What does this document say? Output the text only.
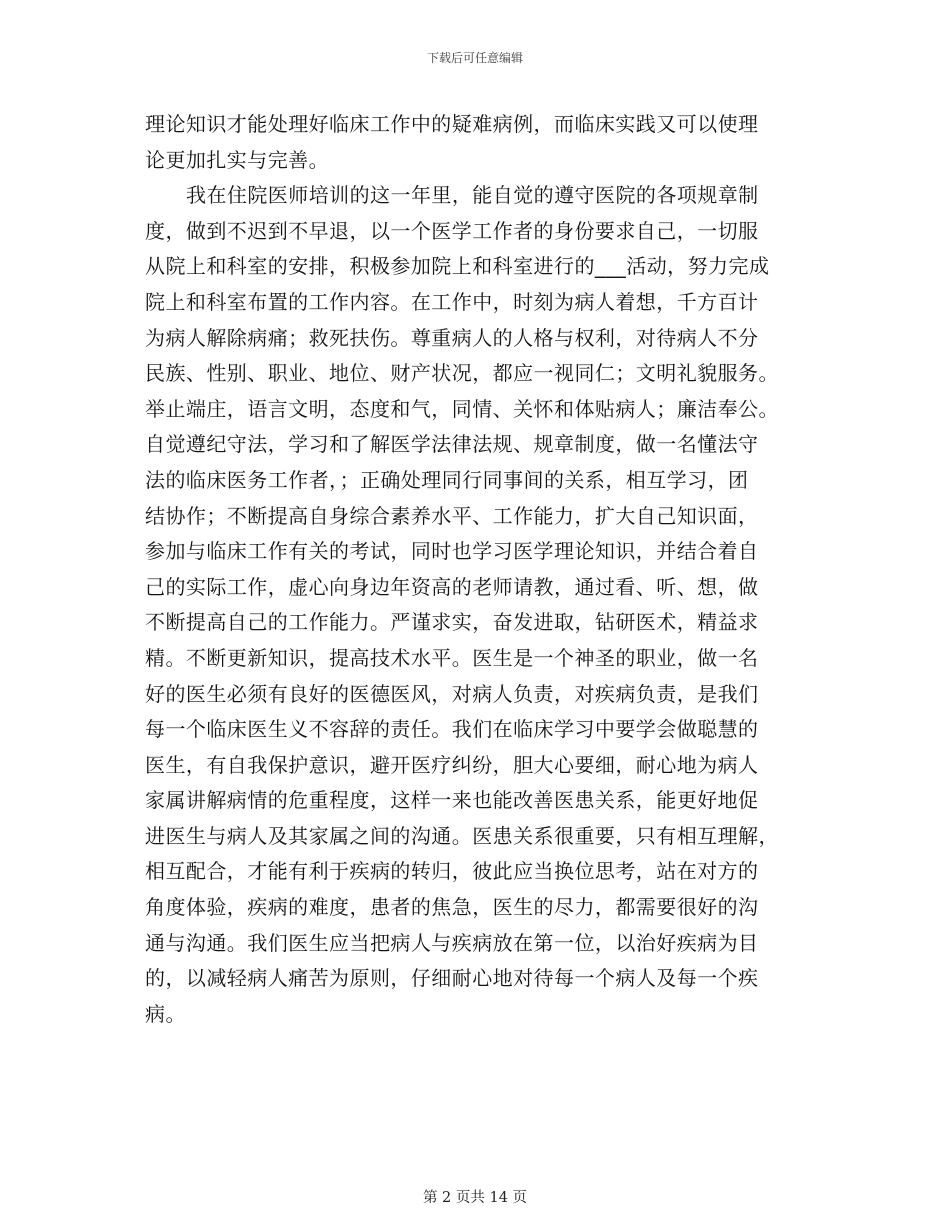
下载后可任意编辑
理论知识才能处理好临床工作中的疑难病例，而临床实践又可以使理
论更加扎实与完善。
我在住院医师培训的这一年里，能自觉的遵守医院的各项规章制
度，做到不迟到不早退，以一个医学工作者的身份要求自己，一切服
从院上和科室的安排，积极参加院上和科室进行的___活动，努力完成
院上和科室布置的工作内容。在工作中，时刻为病人着想，千方百计
为病人解除病痛；救死扶伤。尊重病人的人格与权利，对待病人不分
民族、性别、职业、地位、财产状况，都应一视同仁；文明礼貌服务。
举止端庄，语言文明，态度和气，同情、关怀和体贴病人；廉洁奉公。
自觉遵纪守法，学习和了解医学法律法规、规章制度，做一名懂法守
法的临床医务工作者，；正确处理同行同事间的关系，相互学习，团
结协作；不断提高自身综合素养水平、工作能力，扩大自己知识面，
参加与临床工作有关的考试，同时也学习医学理论知识，并结合着自
己的实际工作，虚心向身边年资高的老师请教，通过看、听、想，做
不断提高自己的工作能力。严谨求实，奋发进取，钻研医术，精益求
精。不断更新知识，提高技术水平。医生是一个神圣的职业，做一名
好的医生必须有良好的医德医风，对病人负责，对疾病负责，是我们
每一个临床医生义不容辞的责任。我们在临床学习中要学会做聪慧的
医生，有自我保护意识，避开医疗纠纷，胆大心要细，耐心地为病人
家属讲解病情的危重程度，这样一来也能改善医患关系，能更好地促
进医生与病人及其家属之间的沟通。医患关系很重要，只有相互理解，
相互配合，才能有利于疾病的转归，彼此应当换位思考，站在对方的
角度体验，疾病的难度，患者的焦急，医生的尽力，都需要很好的沟
通与沟通。我们医生应当把病人与疾病放在第一位，以治好疾病为目
的，以减轻病人痛苦为原则，仔细耐心地对待每一个病人及每一个疾
病。
第 2 页共 14 页
